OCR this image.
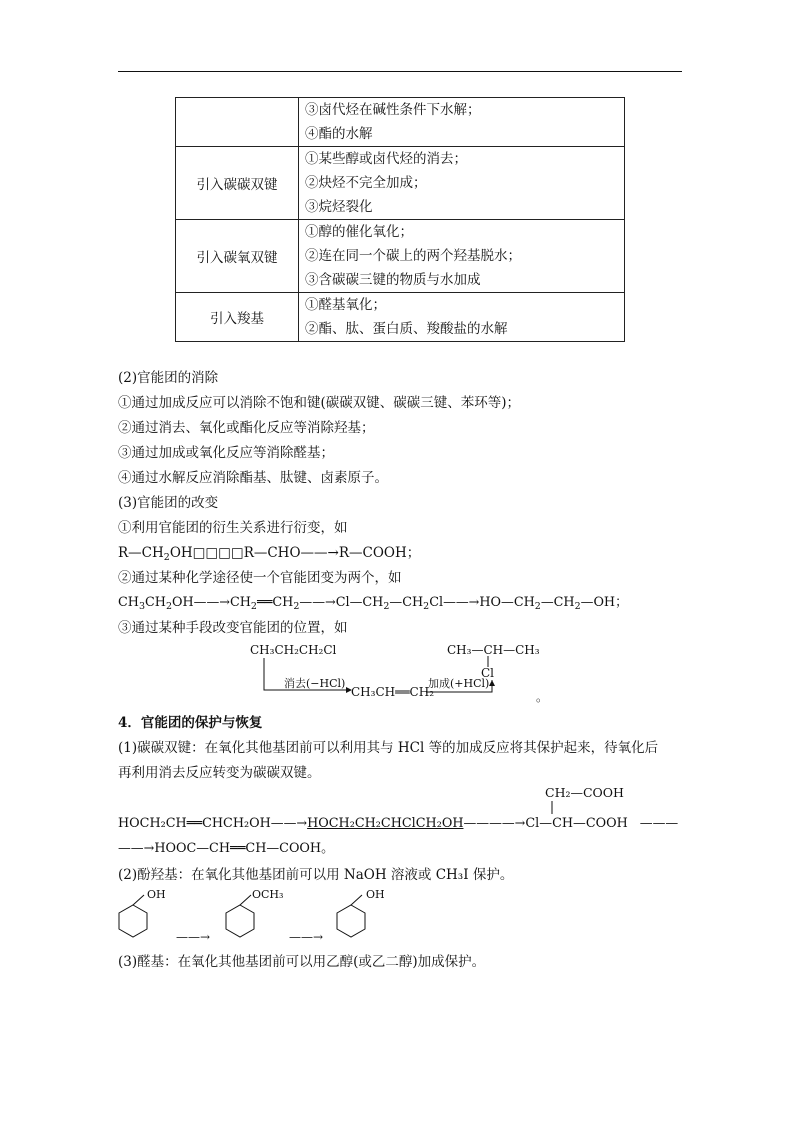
	③卤代烃在碱性条件下水解；
④酯的水解

引入碳碳双键	①某些醇或卤代烃的消去；
②炔烃不完全加成；
③烷烃裂化

引入碳氧双键	①醇的催化氧化；
②连在同一个碳上的两个羟基脱水；
③含碳碳三键的物质与水加成

引入羧基	①醛基氧化；
②酯、肽、蛋白质、羧酸盐的水解
(2)官能团的消除
①通过加成反应可以消除不饱和键(碳碳双键、碳碳三键、苯环等)；
②通过消去、氧化或酯化反应等消除羟基；
③通过加成或氧化反应等消除醛基；
④通过水解反应消除酯基、肽键、卤素原子。
(3)官能团的改变
①利用官能团的衍生关系进行衍变，如
$R—CH_2OH□□□□R—CHO——\to R—COOH$；
②通过某种化学途径使一个官能团变为两个，如
$CH_3CH_2OH——\to CH_2══CH_2——\to Cl—CH_2—CH_2Cl——\to HO—CH_2—CH_2—OH$；
③通过某种手段改变官能团的位置，如
CH₃CH₂CH₂Cl
消去(−HCl)
CH₃CH══CH₂
加成(+HCl)
CH₃—CH—CH₃
Cl
。
4．官能团的保护与恢复
(1)碳碳双键：在氧化其他基团前可以利用其与 HCl 等的加成反应将其保护起来，待氧化后
再利用消去反应转变为碳碳双键。
CH₂—COOH
HOCH₂CH══CHCH₂OH——→HOCH₂CH₂CHClCH₂OH————→Cl—CH—COOH ———
——→HOOC—CH══CH—COOH。
(2)酚羟基：在氧化其他基团前可以用 NaOH 溶液或 CH₃I 保护。
OH
——→
OCH₃
——→
OH
(3)醛基：在氧化其他基团前可以用乙醇(或乙二醇)加成保护。
